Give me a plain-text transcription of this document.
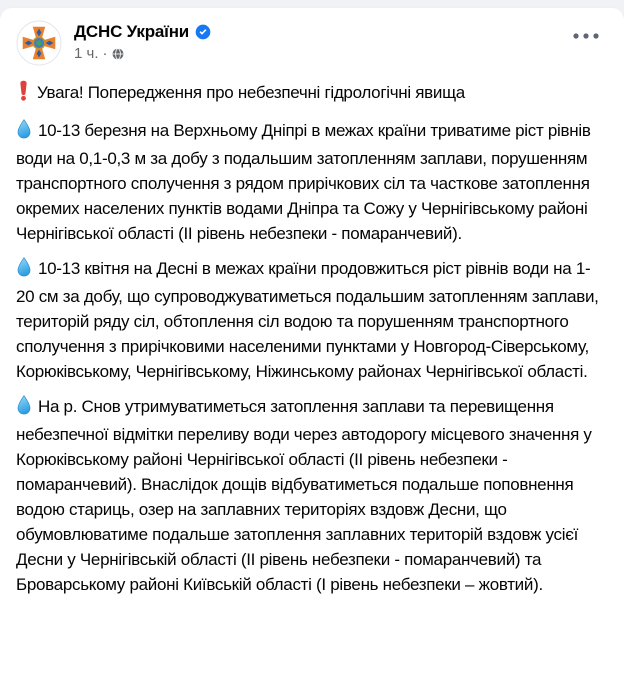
ДСНС України
1 ч. ·
Увага! Попередження про небезпечні гідрологічні явища
10-13 березня на Верхньому Дніпрі в межах країни триватиме ріст рівнів води на 0,1-0,3 м за добу з подальшим затопленням заплави, порушенням транспортного сполучення з рядом прирічкових сіл та часткове затоплення окремих населених пунктів водами Дніпра та Сожу у Чернігівському районі Чернігівської області (ІІ рівень небезпеки - помаранчевий).
10-13 квітня на Десні в межах країни продовжиться ріст рівнів води на 1-20 см за добу, що супроводжуватиметься подальшим затопленням заплави, територій ряду сіл, обтоплення сіл водою та порушенням транспортного сполучення з прирічковими населеними пунктами у Новгород-Сіверському, Корюківському, Чернігівському, Ніжинському районах Чернігівської області.
На р. Снов утримуватиметься затоплення заплави та перевищення небезпечної відмітки переливу води через автодорогу місцевого значення у Корюківському районі Чернігівської області (ІІ рівень небезпеки - помаранчевий). Внаслідок дощів відбуватиметься подальше поповнення водою стариць, озер на заплавних територіях вздовж Десни, що обумовлюватиме подальше затоплення заплавних територій вздовж усієї Десни у Чернігівській області (ІІ рівень небезпеки - помаранчевий) та Броварському районі Київській області (І рівень небезпеки – жовтий).
